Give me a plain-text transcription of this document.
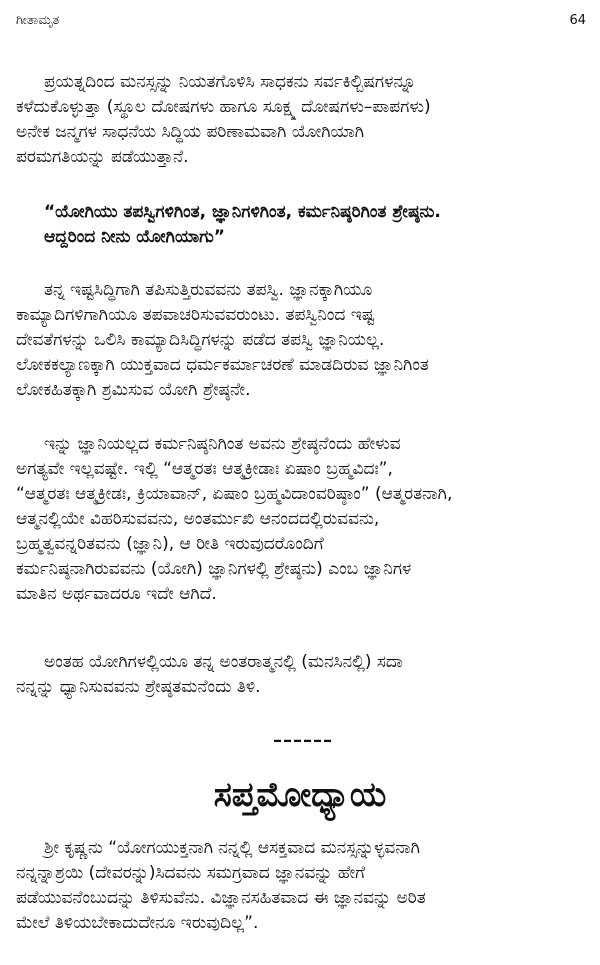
ಗೀತಾಮೃತ	64
ಪ್ರಯತ್ನದಿಂದ ಮನಸ್ಸನ್ನು ನಿಯತಗೊಳಿಸಿ ಸಾಧಕನು ಸರ್ವಕಿಲ್ಬಿಷಗಳನ್ನೂ
ಕಳೆದುಕೊಳ್ಳುತ್ತಾ (ಸ್ಥೂಲ ದೋಷಗಳು ಹಾಗೂ ಸೂಕ್ಷ್ಮ ದೋಷಗಳು–ಪಾಪಗಳು)
ಅನೇಕ ಜನ್ಮಗಳ ಸಾಧನೆಯ ಸಿದ್ಧಿಯ ಪರಿಣಾಮವಾಗಿ ಯೋಗಿಯಾಗಿ
ಪರಮಗತಿಯನ್ನು ಪಡೆಯುತ್ತಾನೆ.
“ಯೋಗಿಯು ತಪಸ್ವಿಗಳಿಗಿಂತ, ಜ್ಞಾನಿಗಳಿಗಿಂತ, ಕರ್ಮನಿಷ್ಠರಿಗಿಂತ ಶ್ರೇಷ್ಠನು.
ಆದ್ದರಿಂದ ನೀನು ಯೋಗಿಯಾಗು”
ತನ್ನ ಇಷ್ಟಸಿದ್ಧಿಗಾಗಿ ತಪಿಸುತ್ತಿರುವವನು ತಪಸ್ವಿ. ಜ್ಞಾನಕ್ಕಾಗಿಯೂ
ಕಾಮ್ಯಾದಿಗಳಿಗಾಗಿಯೂ ತಪವಾಚರಿಸುವವರುಂಟು. ತಪಸ್ವಿನಿಂದ ಇಷ್ಟ
ದೇವತೆಗಳನ್ನು ಒಲಿಸಿ ಕಾಮ್ಯಾದಿಸಿದ್ಧಿಗಳನ್ನು ಪಡೆದ ತಪಸ್ವಿ ಜ್ಞಾನಿಯಲ್ಲ.
ಲೋಕಕಲ್ಯಾಣಕ್ಕಾಗಿ ಯುಕ್ತವಾದ ಧರ್ಮಕರ್ಮಾಚರಣೆ ಮಾಡದಿರುವ ಜ್ಞಾನಿಗಿಂತ
ಲೋಕಹಿತಕ್ಕಾಗಿ ಶ್ರಮಿಸುವ ಯೋಗಿ ಶ್ರೇಷ್ಠನೇ.
ಇನ್ನು ಜ್ಞಾನಿಯಲ್ಲದ ಕರ್ಮನಿಷ್ಠನಿಗಿಂತ ಅವನು ಶ್ರೇಷ್ಠನೆಂದು ಹೇಳುವ
ಅಗತ್ಯವೇ ಇಲ್ಲವಷ್ಟೇ. ಇಲ್ಲಿ “ಆತ್ಮರತಃ ಆತ್ಮಕ್ರೀಡಾಃ ಏಷಾಂ ಬ್ರಹ್ಮವಿದಃ”,
“ಆತ್ಮರತಃ ಆತ್ಮಕ್ರೀಡಃ, ಕ್ರಿಯಾವಾನ್, ಏಷಾಂ ಬ್ರಹ್ಮವಿದಾಂವರಿಷ್ಠಾಂ” (ಆತ್ಮರತನಾಗಿ,
ಆತ್ಮನಲ್ಲಿಯೇ ವಿಹರಿಸುವವನು, ಅಂತರ್ಮುಖಿ ಆನಂದದಲ್ಲಿರುವವನು,
ಬ್ರಹ್ಮತ್ವವನ್ನರಿತವನು (ಜ್ಞಾನಿ), ಆ ರೀತಿ ಇರುವುದರೊಂದಿಗೆ
ಕರ್ಮನಿಷ್ಠನಾಗಿರುವವನು (ಯೋಗಿ) ಜ್ಞಾನಿಗಳಲ್ಲಿ ಶ್ರೇಷ್ಠನು) ಎಂಬ ಜ್ಞಾನಿಗಳ
ಮಾತಿನ ಅರ್ಥವಾದರೂ ಇದೇ ಆಗಿದೆ.
ಅಂತಹ ಯೋಗಿಗಳಲ್ಲಿಯೂ ತನ್ನ ಅಂತರಾತ್ಮನಲ್ಲಿ (ಮನಸಿನಲ್ಲಿ) ಸದಾ
ನನ್ನನ್ನು ಧ್ಯಾನಿಸುವವನು ಶ್ರೇಷ್ಠತಮನೆಂದು ತಿಳಿ.
––––––
ಸಪ್ತಮೋಧ್ಯಾಯ
ಶ್ರೀ ಕೃಷ್ಣನು “ಯೋಗಯುಕ್ತನಾಗಿ ನನ್ನಲ್ಲಿ ಆಸಕ್ತವಾದ ಮನಸ್ಸನ್ನುಳ್ಳವನಾಗಿ
ನನ್ನನ್ನಾಶ್ರಯಿ (ದೇವರನ್ನು)ಸಿದವನು ಸಮಗ್ರವಾದ ಜ್ಞಾನವನ್ನು ಹೇಗೆ
ಪಡೆಯುವನೆಂಬುದನ್ನು ತಿಳಿಸುವೆನು. ವಿಜ್ಞಾನಸಹಿತವಾದ ಈ ಜ್ಞಾನವನ್ನು ಅರಿತ
ಮೇಲೆ ತಿಳಿಯಬೇಕಾದುದೇನೂ ಇರುವುದಿಲ್ಲ”.
